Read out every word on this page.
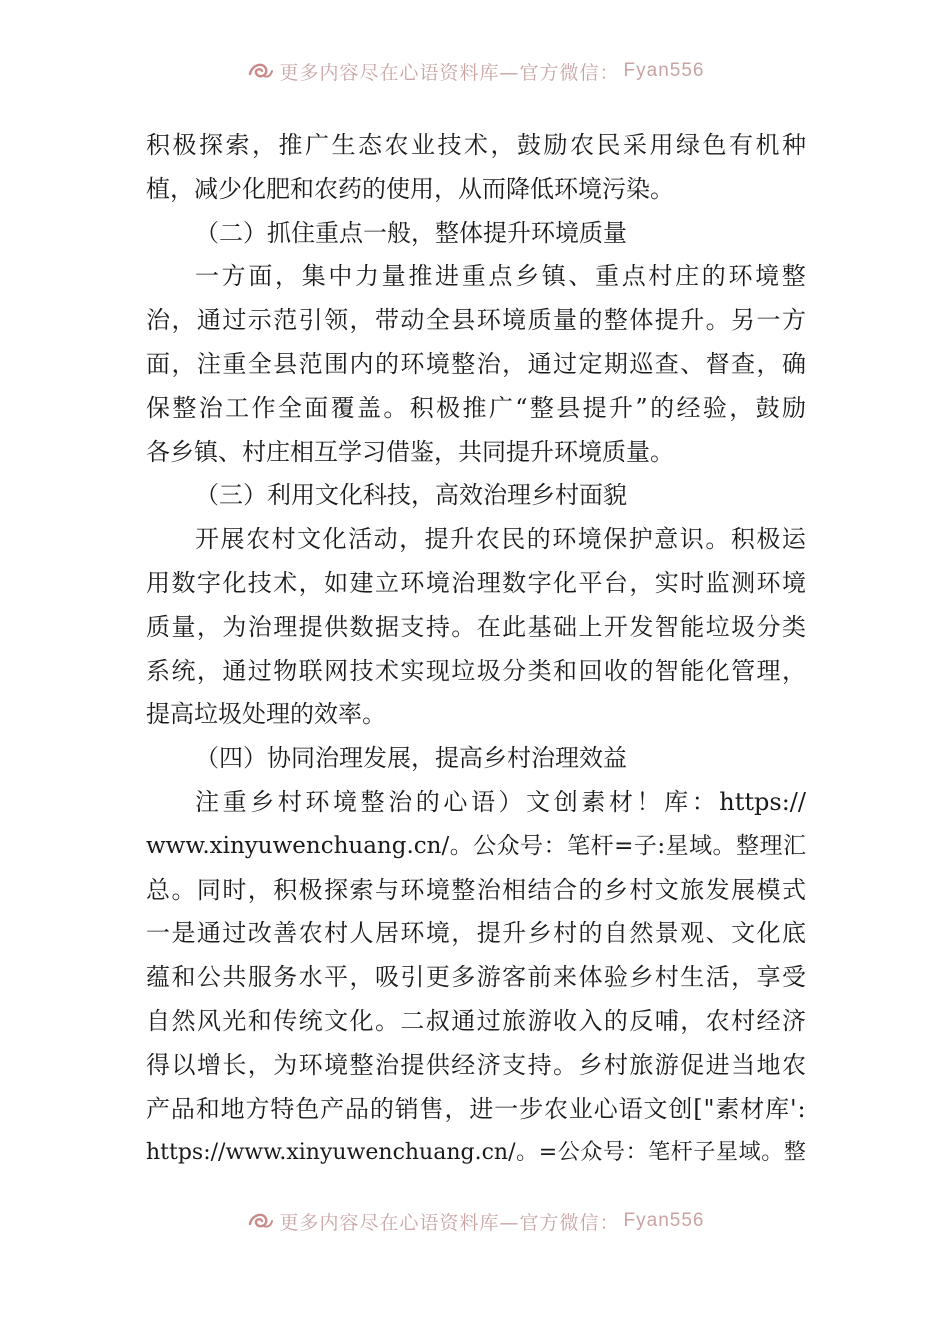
更多内容尽在心语资料库—官方微信： Fyan556
积 极 探 索 ， 推 广 生 态 农 业 技 术 ， 鼓 励 农 民 采 用 绿 色 有 机 种
植，减少化肥和农药的使用，从而降低环境污染。
（二）抓住重点一般，整体提升环境质量
一 方 面 ， 集 中 力 量 推 进 重 点 乡 镇 、 重 点 村 庄 的 环 境 整
治 ， 通 过 示 范 引 领 ， 带 动 全 县 环 境 质 量 的 整 体 提 升 。 另 一 方
面 ， 注 重 全 县 范 围 内 的 环 境 整 治 ， 通 过 定 期 巡 查 、 督 查 ， 确
保 整 治 工 作 全 面 覆 盖 。 积 极 推 广 “ 整 县 提 升 ” 的 经 验 ， 鼓 励
各乡镇、村庄相互学习借鉴，共同提升环境质量。
（三）利用文化科技，高效治理乡村面貌
开 展 农 村 文 化 活 动 ， 提 升 农 民 的 环 境 保 护 意 识 。 积 极 运
用 数 字 化 技 术 ， 如 建 立 环 境 治 理 数 字 化 平 台 ， 实 时 监 测 环 境
质 量 ， 为 治 理 提 供 数 据 支 持 。 在 此 基 础 上 开 发 智 能 垃 圾 分 类
系 统 ， 通 过 物 联 网 技 术 实 现 垃 圾 分 类 和 回 收 的 智 能 化 管 理 ，
提高垃圾处理的效率。
（四）协同治理发展，提高乡村治理效益
注 重 乡 村 环 境 整 治 的 心 语 ） 文 创 素 材 ！ 库 ： https://
www.xinyuwenchuang.cn/ 。 公 众 号 ： 笔 杆 = 子 : 星 域 。 整 理 汇
总 。 同 时 ， 积 极 探 索 与 环 境 整 治 相 结 合 的 乡 村 文 旅 发 展 模 式
一 是 通 过 改 善 农 村 人 居 环 境 ， 提 升 乡 村 的 自 然 景 观 、 文 化 底
蕴 和 公 共 服 务 水 平 ， 吸 引 更 多 游 客 前 来 体 验 乡 村 生 活 ， 享 受
自 然 风 光 和 传 统 文 化 。 二 叔 通 过 旅 游 收 入 的 反 哺 ， 农 村 经 济
得 以 增 长 ， 为 环 境 整 治 提 供 经 济 支 持 。 乡 村 旅 游 促 进 当 地 农
产 品 和 地 方 特 色 产 品 的 销 售 ， 进 一 步 农 业 心 语 文 创 [ " 素 材 库 ' :
https://www.xinyuwenchuang.cn/ 。 = 公 众 号 ： 笔 杆 子 星 域 。 整
更多内容尽在心语资料库—官方微信： Fyan556
